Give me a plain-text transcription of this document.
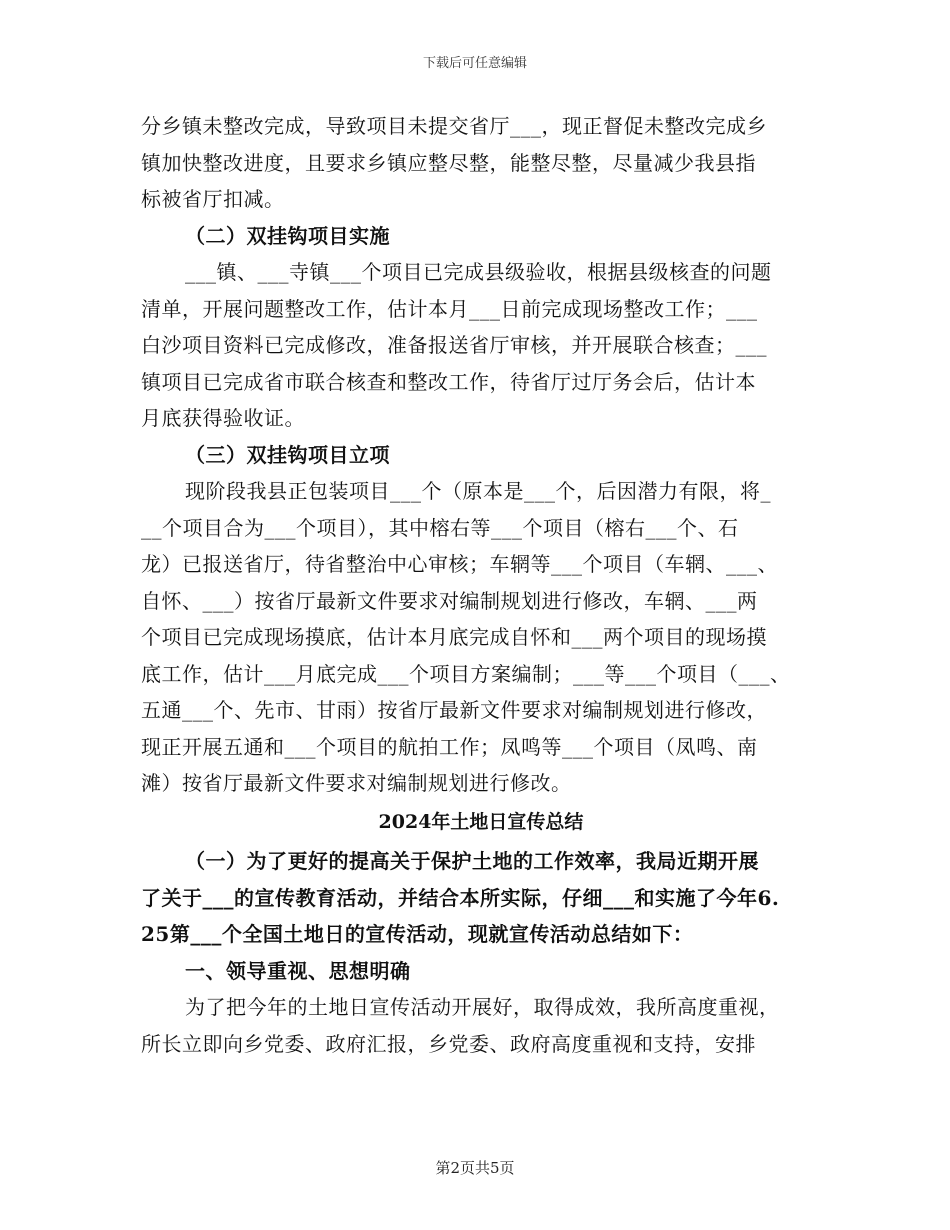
下载后可任意编辑
分乡镇未整改完成，导致项目未提交省厅___，现正督促未整改完成乡
镇加快整改进度，且要求乡镇应整尽整，能整尽整，尽量减少我县指
标被省厅扣减。
（二）双挂钩项目实施
___镇、___寺镇___个项目已完成县级验收，根据县级核查的问题
清单，开展问题整改工作，估计本月___日前完成现场整改工作；___
白沙项目资料已完成修改，准备报送省厅审核，并开展联合核查；___
镇项目已完成省市联合核查和整改工作，待省厅过厅务会后，估计本
月底获得验收证。
（三）双挂钩项目立项
现阶段我县正包装项目___个（原本是___个，后因潜力有限，将_
__个项目合为___个项目），其中榕右等___个项目（榕右___个、石
龙）已报送省厅，待省整治中心审核；车辋等___个项目（车辋、___、
自怀、___）按省厅最新文件要求对编制规划进行修改，车辋、___两
个项目已完成现场摸底，估计本月底完成自怀和___两个项目的现场摸
底工作，估计___月底完成___个项目方案编制；___等___个项目（___、
五通___个、先市、甘雨）按省厅最新文件要求对编制规划进行修改，
现正开展五通和___个项目的航拍工作；凤鸣等___个项目（凤鸣、南
滩）按省厅最新文件要求对编制规划进行修改。
2024年土地日宣传总结
（一）为了更好的提高关于保护土地的工作效率，我局近期开展
了关于___的宣传教育活动，并结合本所实际，仔细___和实施了今年6.
25第___个全国土地日的宣传活动，现就宣传活动总结如下：
一、领导重视、思想明确
为了把今年的土地日宣传活动开展好，取得成效，我所高度重视，
所长立即向乡党委、政府汇报，乡党委、政府高度重视和支持，安排
第2页共5页
